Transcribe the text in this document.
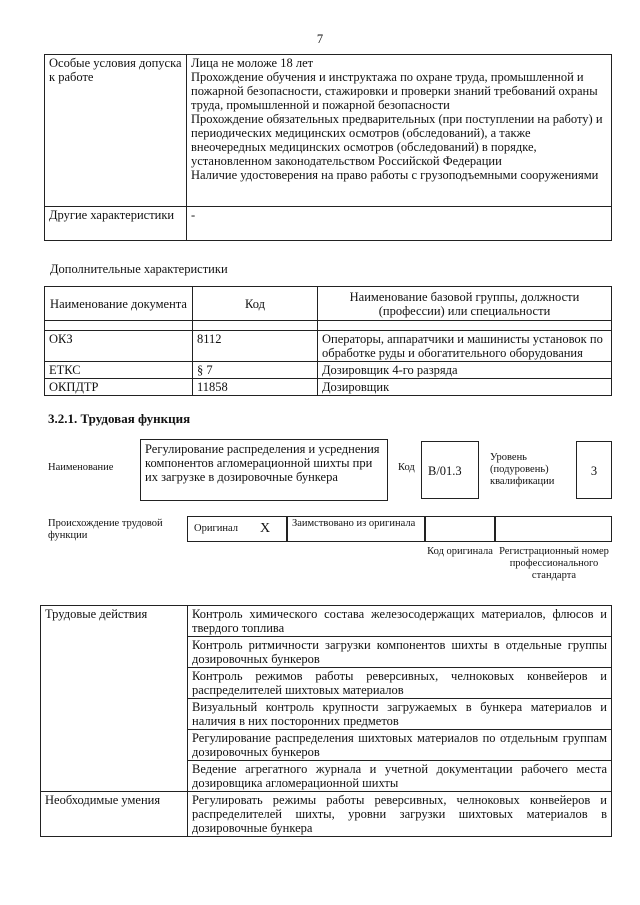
7
Особые условия допуска к работе	Лица не моложе 18 лет

Прохождение обучения и инструктажа по охране труда, промышленной и пожарной безопасности, стажировки и проверки знаний требований охраны труда, промышленной и пожарной безопасности

Прохождение обязательных предварительных (при поступлении на работу) и периодических медицинских осмотров (обследований), а также внеочередных медицинских осмотров (обследований) в порядке, установленном законодательством Российской Федерации

Наличие удостоверения на право работы с грузоподъемными сооружениями

Другие характеристики	-
Дополнительные характеристики
Наименование документа	Код	Наименование базовой группы, должности (профессии) или специальности

ОКЗ	8112	Операторы, аппаратчики и машинисты установок по обработке руды и обогатительного оборудования
ЕТКС	§ 7	Дозировщик 4-го разряда
ОКПДТР	11858	Дозировщик
3.2.1. Трудовая функция
Наименование
Регулирование распределения и усреднения компонентов агломерационной шихты при их загрузке в дозировочные бункера
Код	B/01.3
Уровень (подуровень) квалификации
3
Происхождение трудовой функции
Оригинал X Заимствовано из оригинала
Код оригинала Регистрационный номер профессионального стандарта
Трудовые действия	Контроль химического состава железосодержащих материалов, флюсов и твердого топлива
	Контроль ритмичности загрузки компонентов шихты в отдельные группы дозировочных бункеров
	Контроль режимов работы реверсивных, челноковых конвейеров и распределителей шихтовых материалов
	Визуальный контроль крупности загружаемых в бункера материалов и наличия в них посторонних предметов
	Регулирование распределения шихтовых материалов по отдельным группам дозировочных бункеров
	Ведение агрегатного журнала и учетной документации рабочего места дозировщика агломерационной шихты
Необходимые умения	Регулировать режимы работы реверсивных, челноковых конвейеров и распределителей шихты, уровни загрузки шихтовых материалов в дозировочные бункера
